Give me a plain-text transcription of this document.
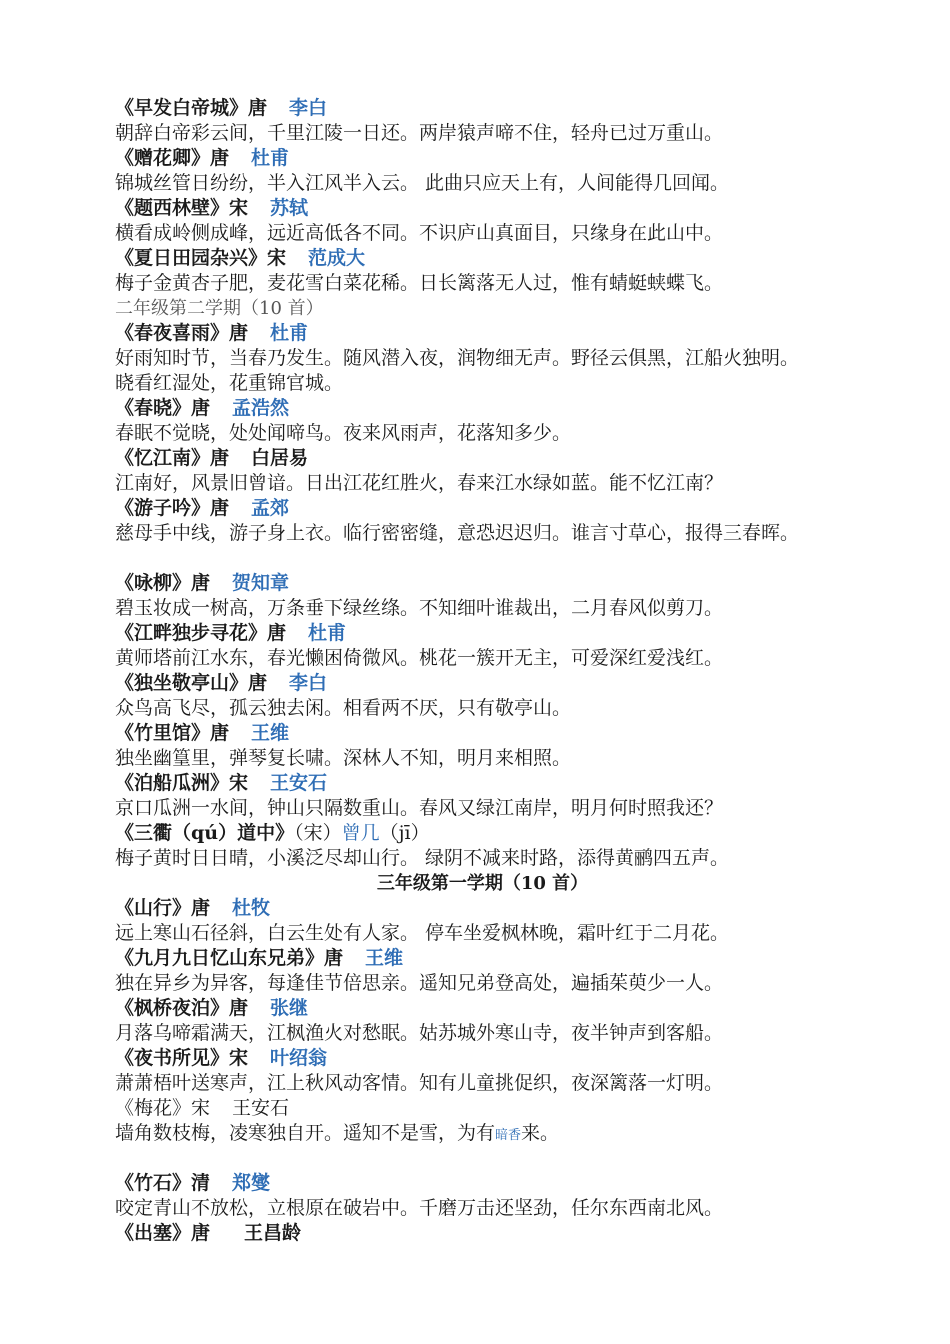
《早发白帝城》唐 李白
朝辞白帝彩云间，千里江陵一日还。两岸猿声啼不住，轻舟已过万重山。
《赠花卿》唐 杜甫
锦城丝管日纷纷，半入江风半入云。 此曲只应天上有，人间能得几回闻。
《题西林壁》宋 苏轼
横看成岭侧成峰，远近高低各不同。不识庐山真面目，只缘身在此山中。
《夏日田园杂兴》宋 范成大
梅子金黄杏子肥，麦花雪白菜花稀。日长篱落无人过，惟有蜻蜓蛱蝶飞。
二年级第二学期（10 首）
《春夜喜雨》唐 杜甫
好雨知时节，当春乃发生。随风潜入夜，润物细无声。野径云俱黑，江船火独明。
晓看红湿处，花重锦官城。
《春晓》唐 孟浩然
春眠不觉晓，处处闻啼鸟。夜来风雨声，花落知多少。
《忆江南》唐 白居易
江南好，风景旧曾谙。日出江花红胜火，春来江水绿如蓝。能不忆江南？
《游子吟》唐 孟郊
慈母手中线，游子身上衣。临行密密缝，意恐迟迟归。谁言寸草心，报得三春晖。
《咏柳》唐 贺知章
碧玉妆成一树高，万条垂下绿丝绦。不知细叶谁裁出，二月春风似剪刀。
《江畔独步寻花》唐 杜甫
黄师塔前江水东，春光懒困倚微风。桃花一簇开无主，可爱深红爱浅红。
《独坐敬亭山》唐 李白
众鸟高飞尽，孤云独去闲。相看两不厌，只有敬亭山。
《竹里馆》唐 王维
独坐幽篁里，弹琴复长啸。深林人不知，明月来相照。
《泊船瓜洲》宋 王安石
京口瓜洲一水间，钟山只隔数重山。春风又绿江南岸，明月何时照我还？
《三衢（qú）道中》（宋）曾几（jī）
梅子黄时日日晴，小溪泛尽却山行。 绿阴不减来时路，添得黄鹂四五声。
三年级第一学期（10 首）
《山行》唐 杜牧
远上寒山石径斜，白云生处有人家。 停车坐爱枫林晚，霜叶红于二月花。
《九月九日忆山东兄弟》唐 王维
独在异乡为异客，每逢佳节倍思亲。遥知兄弟登高处，遍插茱萸少一人。
《枫桥夜泊》唐 张继
月落乌啼霜满天，江枫渔火对愁眠。姑苏城外寒山寺，夜半钟声到客船。
《夜书所见》宋 叶绍翁
萧萧梧叶送寒声，江上秋风动客情。知有儿童挑促织，夜深篱落一灯明。
《梅花》宋 王安石
墙角数枝梅，凌寒独自开。遥知不是雪，为有暗香来。
《竹石》清 郑燮
咬定青山不放松，立根原在破岩中。千磨万击还坚劲，任尔东西南北风。
《出塞》唐 王昌龄
